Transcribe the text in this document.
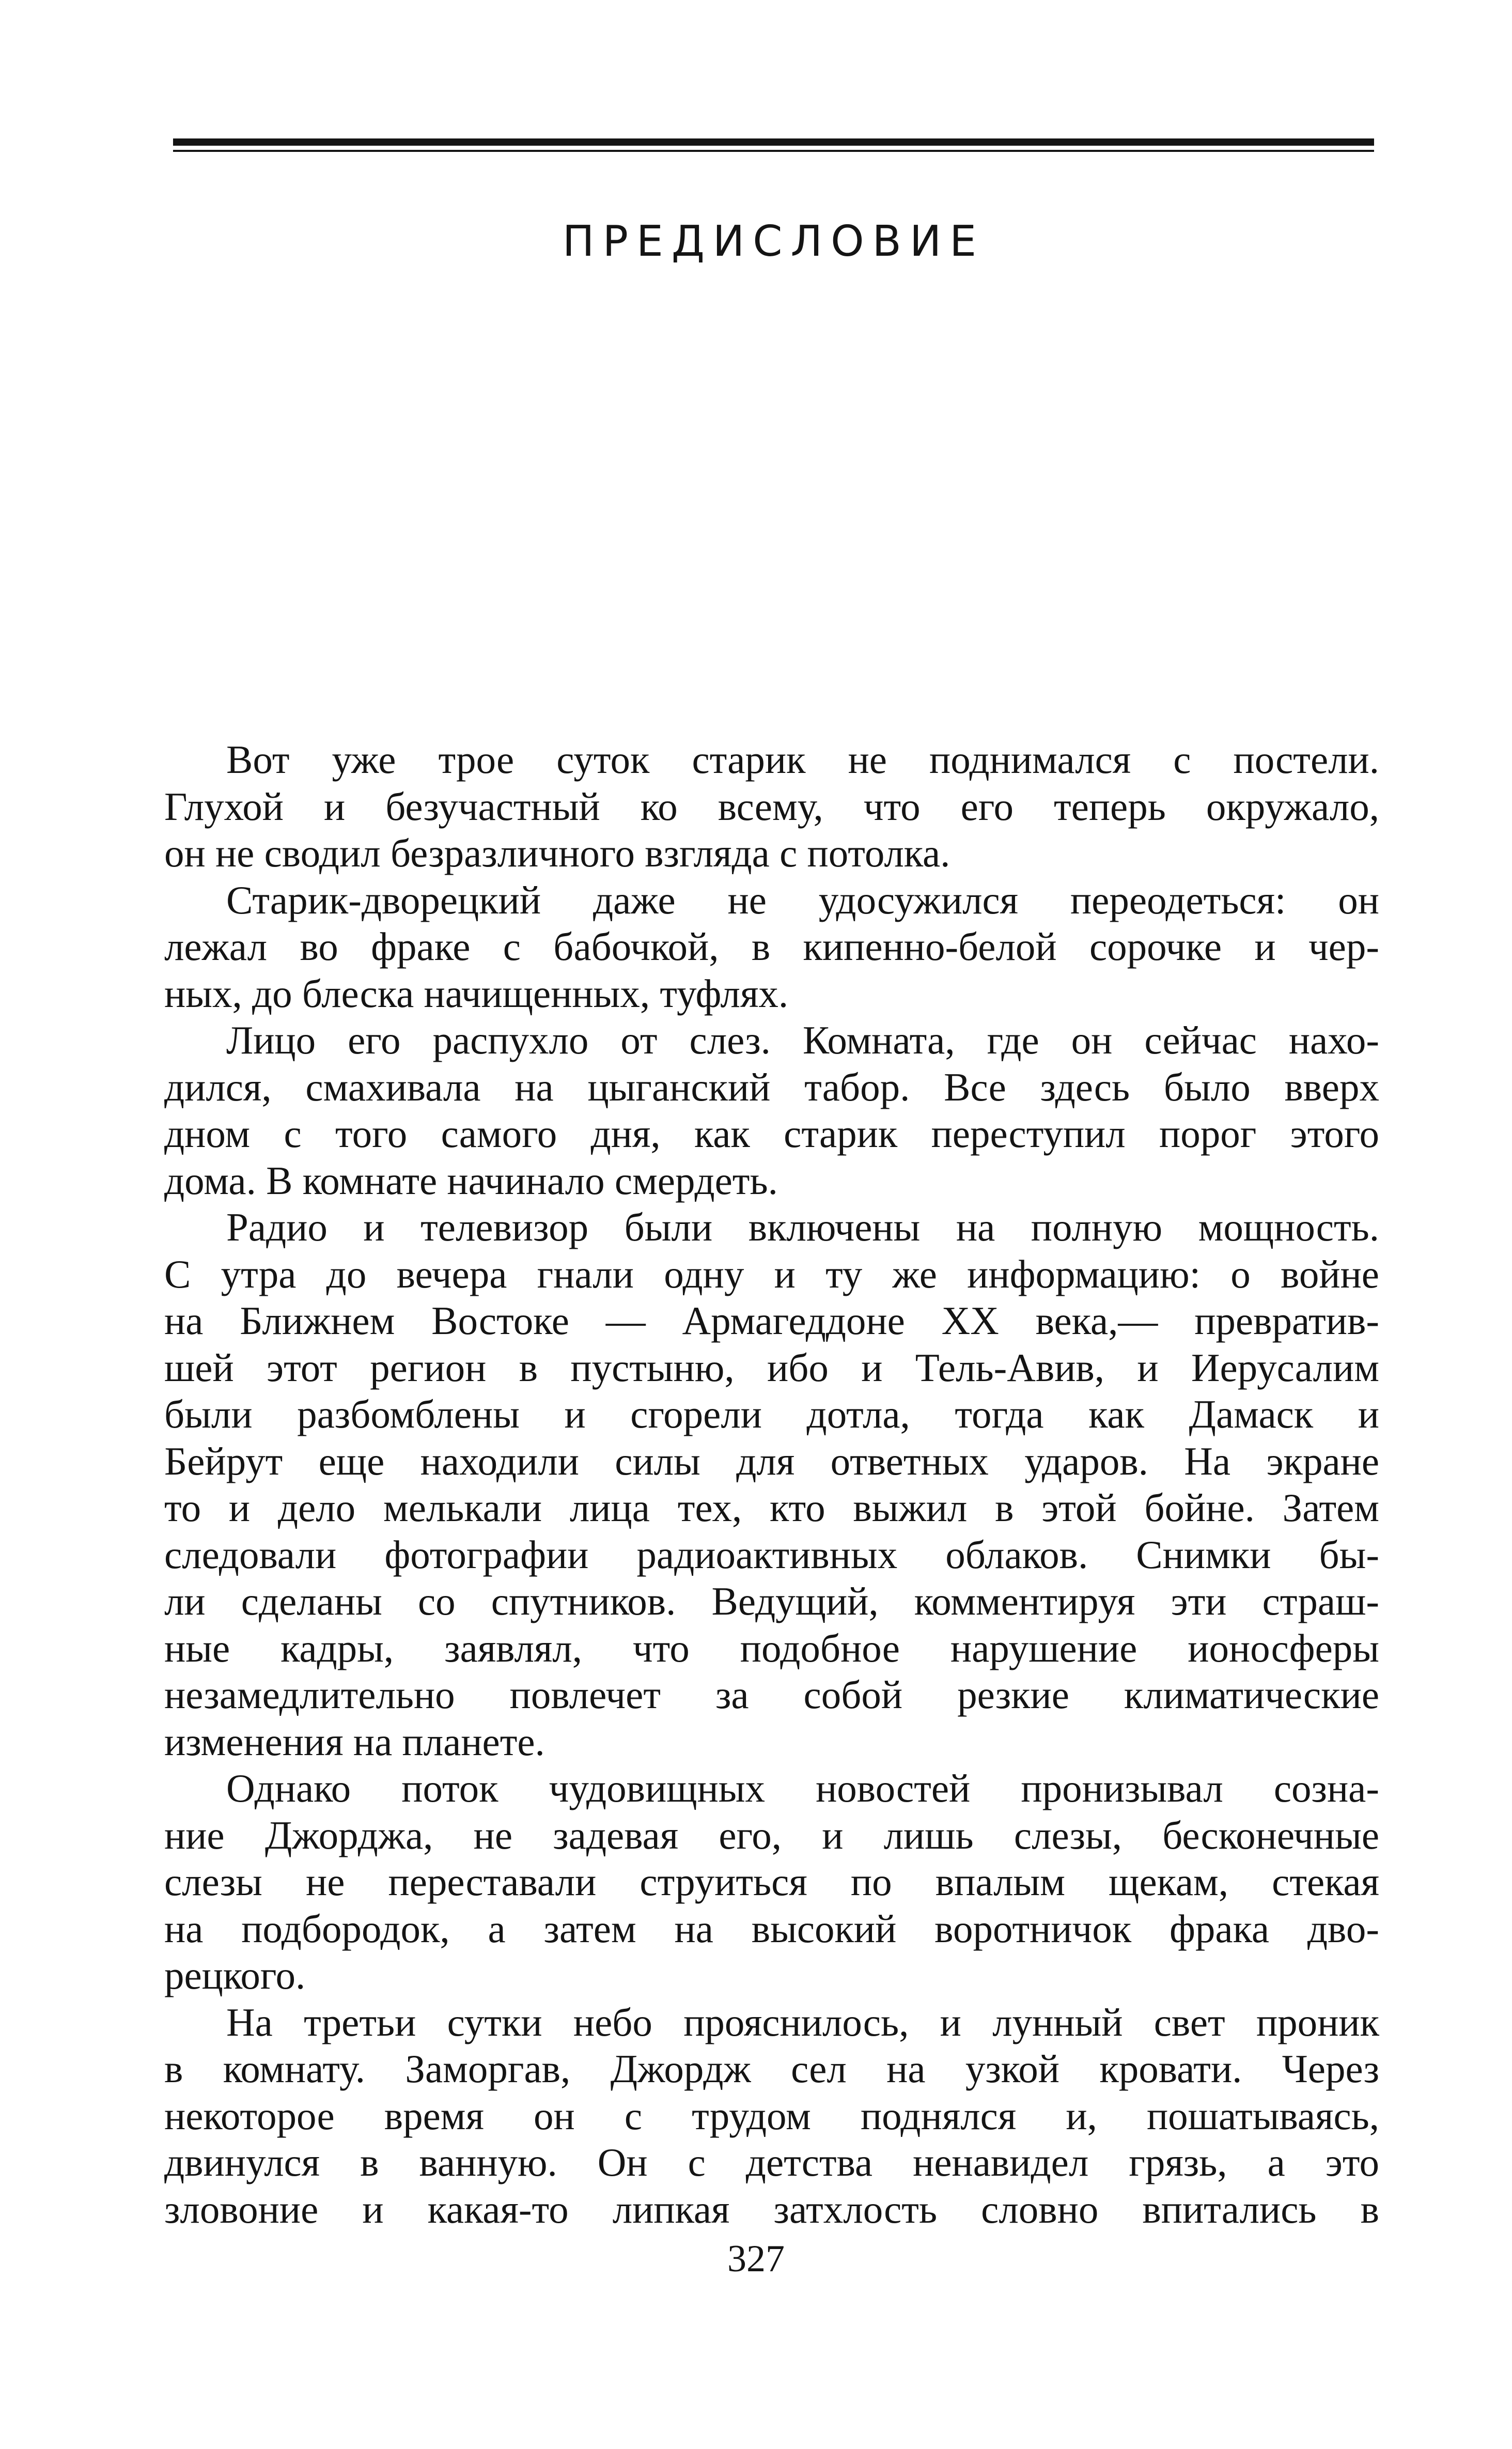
ПРЕДИСЛОВИЕ
Вот уже трое суток старик не поднимался с постели.
Глухой и безучастный ко всему, что его теперь окружало,
он не сводил безразличного взгляда с потолка.
Старик-дворецкий даже не удосужился переодеться: он
лежал во фраке с бабочкой, в кипенно-белой сорочке и чер-
ных, до блеска начищенных, туфлях.
Лицо его распухло от слез. Комната, где он сейчас нахо-
дился, смахивала на цыганский табор. Все здесь было вверх
дном с того самого дня, как старик переступил порог этого
дома. В комнате начинало смердеть.
Радио и телевизор были включены на полную мощность.
С утра до вечера гнали одну и ту же информацию: о войне
на Ближнем Востоке — Армагеддоне XX века,— превратив-
шей этот регион в пустыню, ибо и Тель-Авив, и Иерусалим
были разбомблены и сгорели дотла, тогда как Дамаск и
Бейрут еще находили силы для ответных ударов. На экране
то и дело мелькали лица тех, кто выжил в этой бойне. Затем
следовали фотографии радиоактивных облаков. Снимки бы-
ли сделаны со спутников. Ведущий, комментируя эти страш-
ные кадры, заявлял, что подобное нарушение ионосферы
незамедлительно повлечет за собой резкие климатические
изменения на планете.
Однако поток чудовищных новостей пронизывал созна-
ние Джорджа, не задевая его, и лишь слезы, бесконечные
слезы не переставали струиться по впалым щекам, стекая
на подбородок, а затем на высокий воротничок фрака дво-
рецкого.
На третьи сутки небо прояснилось, и лунный свет проник
в комнату. Заморгав, Джордж сел на узкой кровати. Через
некоторое время он с трудом поднялся и, пошатываясь,
двинулся в ванную. Он с детства ненавидел грязь, а это
зловоние и какая-то липкая затхлость словно впитались в
327
